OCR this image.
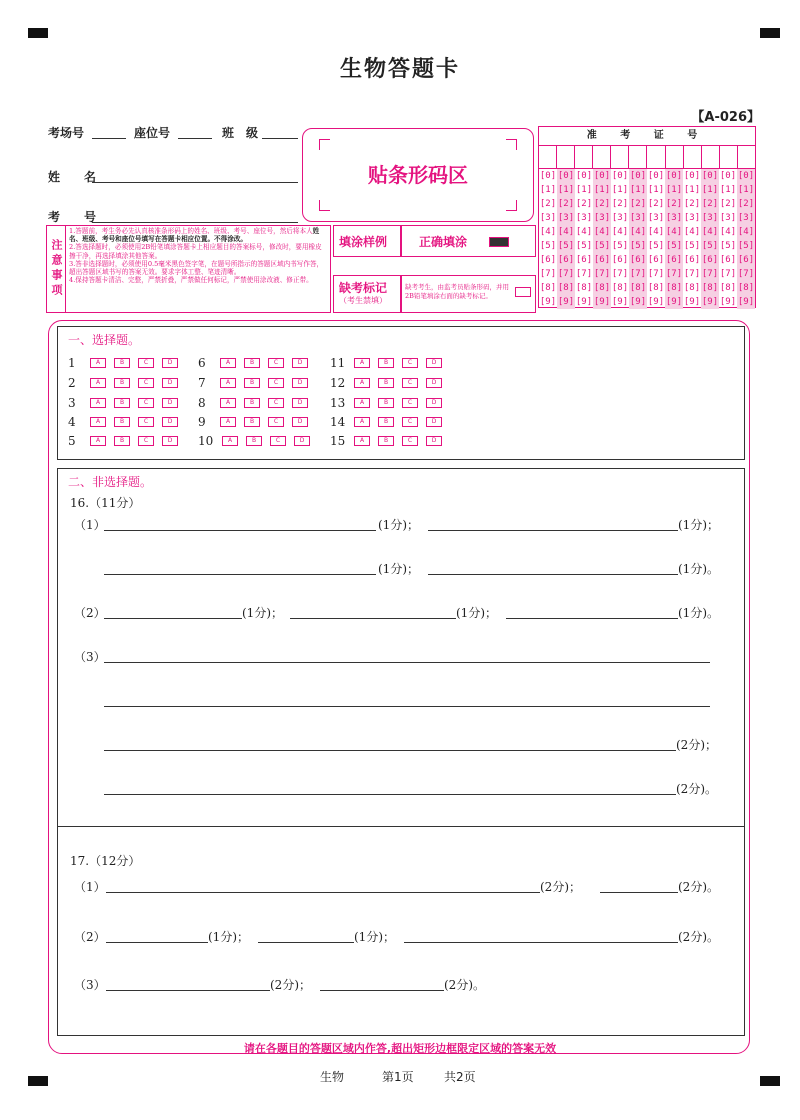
生物答题卡
【A-026】
考场号	座位号	班　级
姓　　名
考　　号
贴条形码区
准 考 证 号
[0] [0] [0] [0] [0] [0] [0] [0] [0] [0] [0] [0]
[1] [1] [1] [1] [1] [1] [1] [1] [1] [1] [1] [1]
[2] [2] [2] [2] [2] [2] [2] [2] [2] [2] [2] [2]
[3] [3] [3] [3] [3] [3] [3] [3] [3] [3] [3] [3]
[4] [4] [4] [4] [4] [4] [4] [4] [4] [4] [4] [4]
[5] [5] [5] [5] [5] [5] [5] [5] [5] [5] [5] [5]
[6] [6] [6] [6] [6] [6] [6] [6] [6] [6] [6] [6]
[7] [7] [7] [7] [7] [7] [7] [7] [7] [7] [7] [7]
[8] [8] [8] [8] [8] [8] [8] [8] [8] [8] [8] [8]
[9] [9] [9] [9] [9] [9] [9] [9] [9] [9] [9] [9]
注意事项
1.答题前，考生务必先认真核准条形码上的姓名、班级、考号、座位号，然后将本人姓名、班级、考号和座位号填写在答题卡相应位置。不得涂改。
2.答选择题时，必须使用2B铅笔填涂答题卡上相应题目的答案标号，修改时，要用橡皮擦干净，再选择填涂其他答案。
3.答非选择题时，必须使用0.5毫米黑色签字笔，在题号所指示的答题区域内书写作答，超出答题区域书写的答案无效。要求字体工整、笔迹清晰。
4.保持答题卡清洁、完整，严禁折叠，严禁做任何标记，严禁使用涂改液、修正带。
填涂样例	正确填涂
缺考标记
（考生禁填）
缺考考生，由监考员贴条形码，并用2B铅笔填涂右面的缺考标记。
一、选择题。
1	A	B	C	D
2	A	B	C	D
3	A	B	C	D
4	A	B	C	D
5	A	B	C	D
6	A	B	C	D
7	A	B	C	D
8	A	B	C	D
9	A	B	C	D
10	A	B	C	D
11	A	B	C	D
12	A	B	C	D
13	A	B	C	D
14	A	B	C	D
15	A	B	C	D
二、非选择题。
16.（11分）
（1）	(1分)；	(1分)；
(1分)；	(1分)。
（2）	(1分)；	(1分)；	(1分)。
（3）
(2分)；
(2分)。
17.（12分）
（1）	(2分)；	(2分)。
（2）	(1分)；	(1分)；	(2分)。
（3）	(2分)；	(2分)。
请在各题目的答题区域内作答,超出矩形边框限定区域的答案无效
生物	第1页	共2页
